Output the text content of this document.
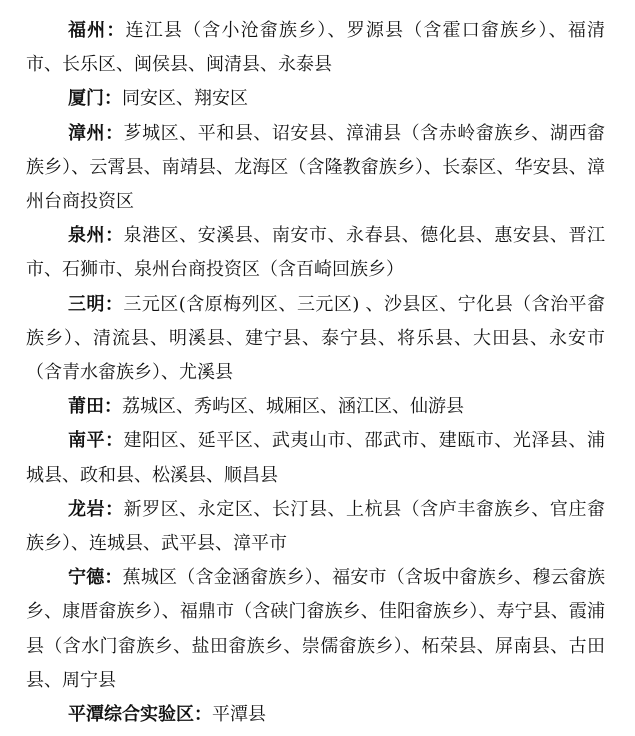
福州：连江县（含小沧畲族乡）、罗源县（含霍口畲族乡）、福清市、长乐区、闽侯县、闽清县、永泰县

厦门：同安区、翔安区

漳州：芗城区、平和县、诏安县、漳浦县（含赤岭畲族乡、湖西畲族乡）、云霄县、南靖县、龙海区（含隆教畲族乡）、长泰区、华安县、漳州台商投资区

泉州：泉港区、安溪县、南安市、永春县、德化县、惠安县、晋江市、石狮市、泉州台商投资区（含百崎回族乡）

三明：三元区(含原梅列区、三元区) 、沙县区、宁化县（含治平畲族乡）、清流县、明溪县、建宁县、泰宁县、将乐县、大田县、永安市（含青水畲族乡）、尤溪县

莆田：荔城区、秀屿区、城厢区、涵江区、仙游县

南平：建阳区、延平区、武夷山市、邵武市、建瓯市、光泽县、浦城县、政和县、松溪县、顺昌县

龙岩：新罗区、永定区、长汀县、上杭县（含庐丰畲族乡、官庄畲族乡）、连城县、武平县、漳平市

宁德：蕉城区（含金涵畲族乡）、福安市（含坂中畲族乡、穆云畲族乡、康厝畲族乡）、福鼎市（含硖门畲族乡、佳阳畲族乡）、寿宁县、霞浦县（含水门畲族乡、盐田畲族乡、崇儒畲族乡）、柘荣县、屏南县、古田县、周宁县

平潭综合实验区：平潭县
